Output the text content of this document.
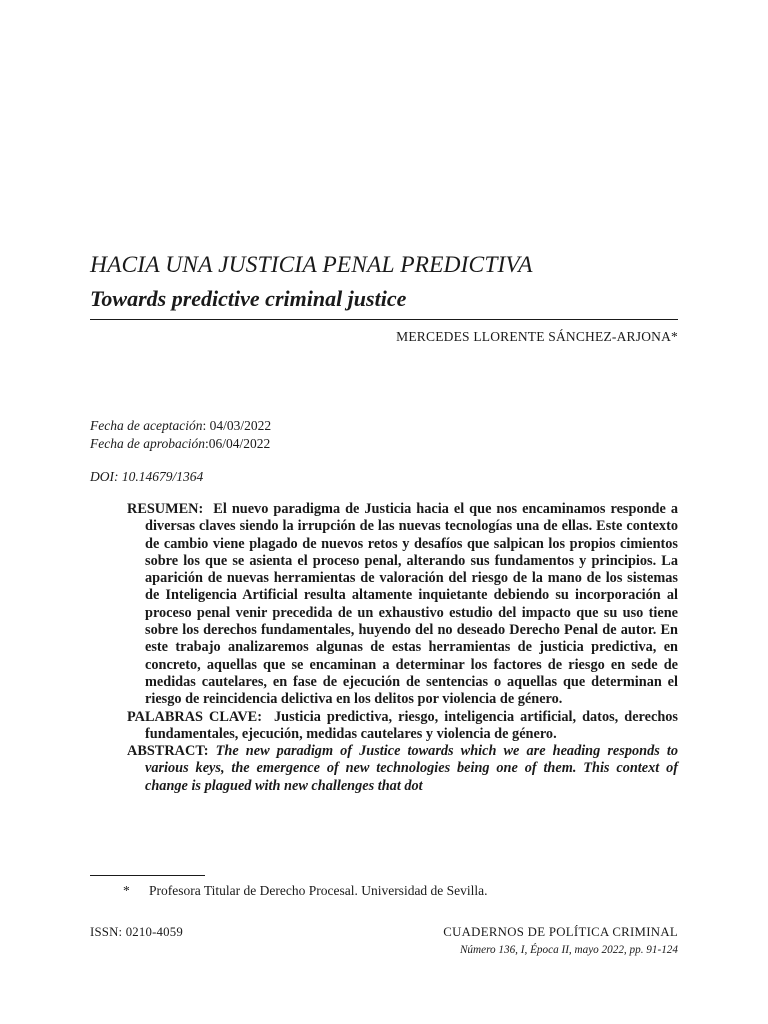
HACIA UNA JUSTICIA PENAL PREDICTIVA
Towards predictive criminal justice
MERCEDES LLORENTE SÁNCHEZ-ARJONA*
Fecha de aceptación: 04/03/2022
Fecha de aprobación:06/04/2022
DOI: 10.14679/1364

RESUMEN: El nuevo paradigma de Justicia hacia el que nos encaminamos responde a diversas claves siendo la irrupción de las nuevas tecnologías una de ellas. Este contexto de cambio viene plagado de nuevos retos y desafíos que salpican los propios cimientos sobre los que se asienta el proceso penal, alterando sus fundamentos y principios. La aparición de nuevas herramientas de valoración del riesgo de la mano de los sistemas de Inteligencia Artificial resulta altamente inquietante debiendo su incorporación al proceso penal venir precedida de un exhaustivo estudio del impacto que su uso tiene sobre los derechos fundamentales, huyendo del no deseado Derecho Penal de autor. En este trabajo analizaremos algunas de estas herramientas de justicia predictiva, en concreto, aquellas que se encaminan a determinar los factores de riesgo en sede de medidas cautelares, en fase de ejecución de sentencias o aquellas que determinan el riesgo de reincidencia delictiva en los delitos por violencia de género.

PALABRAS CLAVE: Justicia predictiva, riesgo, inteligencia artificial, datos, derechos fundamentales, ejecución, medidas cautelares y violencia de género.

ABSTRACT: The new paradigm of Justice towards which we are heading responds to various keys, the emergence of new technologies being one of them. This context of change is plagued with new challenges that dot

* Profesora Titular de Derecho Procesal. Universidad de Sevilla.
ISSN: 0210-4059	CUADERNOS DE POLÍTICA CRIMINAL
Número 136, I, Época II, mayo 2022, pp. 91-124
